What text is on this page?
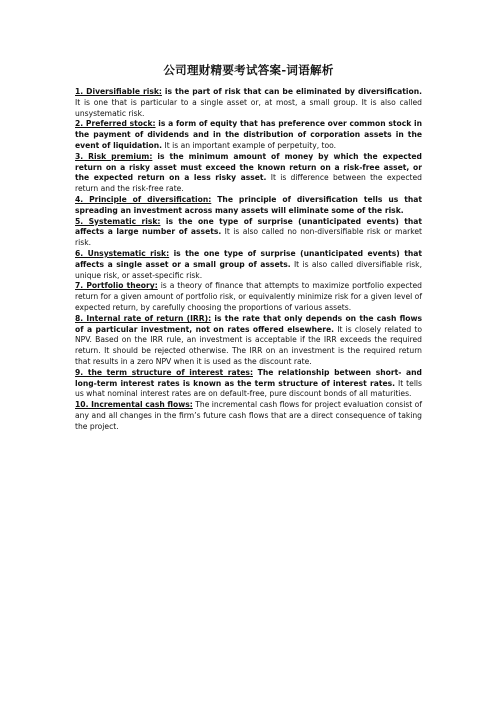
公司理财精要考试答案-词语解析

1. Diversifiable risk: is the part of risk that can be eliminated by diversification. It is one that is particular to a single asset or, at most, a small group. It is also called unsystematic risk.

2. Preferred stock: is a form of equity that has preference over common stock in the payment of dividends and in the distribution of corporation assets in the event of liquidation. It is an important example of perpetuity, too.

3. Risk premium: is the minimum amount of money by which the expected return on a risky asset must exceed the known return on a risk-free asset, or the expected return on a less risky asset. It is difference between the expected return and the risk-free rate.

4. Principle of diversification: The principle of diversification tells us that spreading an investment across many assets will eliminate some of the risk.

5. Systematic risk: is the one type of surprise (unanticipated events) that affects a large number of assets. It is also called no non-diversifiable risk or market risk.

6. Unsystematic risk: is the one type of surprise (unanticipated events) that affects a single asset or a small group of assets. It is also called diversifiable risk, unique risk, or asset-specific risk.

7. Portfolio theory: is a theory of finance that attempts to maximize portfolio expected return for a given amount of portfolio risk, or equivalently minimize risk for a given level of expected return, by carefully choosing the proportions of various assets.

8. Internal rate of return (IRR): is the rate that only depends on the cash flows of a particular investment, not on rates offered elsewhere. It is closely related to NPV. Based on the IRR rule, an investment is acceptable if the IRR exceeds the required return. It should be rejected otherwise. The IRR on an investment is the required return that results in a zero NPV when it is used as the discount rate.

9. the term structure of interest rates: The relationship between short- and long-term interest rates is known as the term structure of interest rates. It tells us what nominal interest rates are on default-free, pure discount bonds of all maturities.

10. Incremental cash flows: The incremental cash flows for project evaluation consist of any and all changes in the firm’s future cash flows that are a direct consequence of taking the project.
